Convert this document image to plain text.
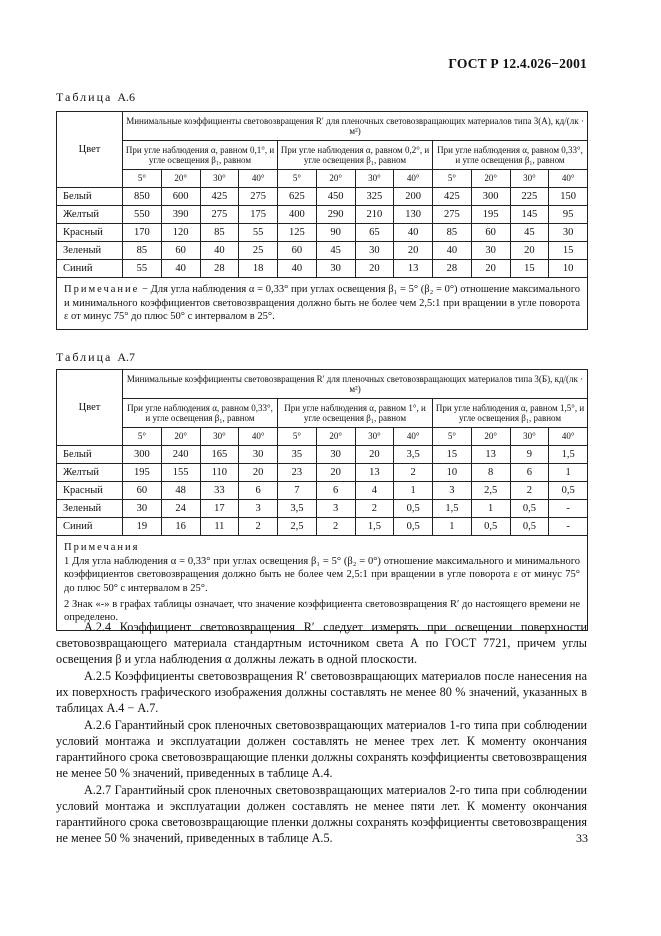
ГОСТ Р 12.4.026−2001
Таблица А.6
Цвет	Минимальные коэффициенты световозвращения R′ для пленочных световозвращающих материалов типа 3(А), кд/(лк · м²)											
	При угле наблюдения α, равном 0,1°, и угле освещения β₁, равном				При угле наблюдения α, равном 0,2°, и угле освещения β₁, равном				При угле наблюдения α, равном 0,33°, и угле освещения β₁, равном			
	5°	20°	30°	40°	5°	20°	30°	40°	5°	20°	30°	40°
Белый	850	600	425	275	625	450	325	200	425	300	225	150
Желтый	550	390	275	175	400	290	210	130	275	195	145	95
Красный	170	120	85	55	125	90	65	40	85	60	45	30
Зеленый	85	60	40	25	60	45	30	20	40	30	20	15
Синий	55	40	28	18	40	30	20	13	28	20	15	10
Примечание − Для угла наблюдения α = 0,33° при углах освещения β₁ = 5° (β₂ = 0°) отношение максимального и минимального коэффициентов световозвращения должно быть не более чем 2,5:1 при вращении в угле поворота ε от минус 75° до плюс 50° с интервалом в 25°.												
Таблица А.7
Цвет	Минимальные коэффициенты световозвращения R′ для пленочных световозвращающих материалов типа 3(Б), кд/(лк · м²)											
	При угле наблюдения α, равном 0,33°, и угле освещения β₁, равном				При угле наблюдения α, равном 1°, и угле освещения β₁, равном				При угле наблюдения α, равном 1,5°, и угле освещения β₁, равном			
	5°	20°	30°	40°	5°	20°	30°	40°	5°	20°	30°	40°
Белый	300	240	165	30	35	30	20	3,5	15	13	9	1,5
Желтый	195	155	110	20	23	20	13	2	10	8	6	1
Красный	60	48	33	6	7	6	4	1	3	2,5	2	0,5
Зеленый	30	24	17	3	3,5	3	2	0,5	1,5	1	0,5	-
Синий	19	16	11	2	2,5	2	1,5	0,5	1	0,5	0,5	-

Примечания
1 Для угла наблюдения α = 0,33° при углах освещения β₁ = 5° (β₂ = 0°) отношение максимального и минимального коэффициентов световозвращения должно быть не более чем 2,5:1 при вращении в угле поворота ε от минус 75° до плюс 50° с интервалом в 25°.
2 Знак «-» в графах таблицы означает, что значение коэффициента световозвращения R′ до настоящего времени не определено.												

А.2.4 Коэффициент световозвращения R′ следует измерять при освещении поверхности световозвращающего материала стандартным источником света А по ГОСТ 7721, причем углы освещения β и угла наблюдения α должны лежать в одной плоскости.

А.2.5 Коэффициенты световозвращения R′ световозвращающих материалов после нанесения на их поверхность графического изображения должны составлять не менее 80 % значений, указанных в таблицах А.4 − А.7.

А.2.6 Гарантийный срок пленочных световозвращающих материалов 1-го типа при соблюдении условий монтажа и эксплуатации должен составлять не менее трех лет. К моменту окончания гарантийного срока световозвращающие пленки должны сохранять коэффициенты световозвращения не менее 50 % значений, приведенных в таблице А.4.

А.2.7 Гарантийный срок пленочных световозвращающих материалов 2-го типа при соблюдении условий монтажа и эксплуатации должен составлять не менее пяти лет. К моменту окончания гарантийного срока световозвращающие пленки должны сохранять коэффициенты световозвращения не менее 50 % значений, приведенных в таблице А.5.	33
